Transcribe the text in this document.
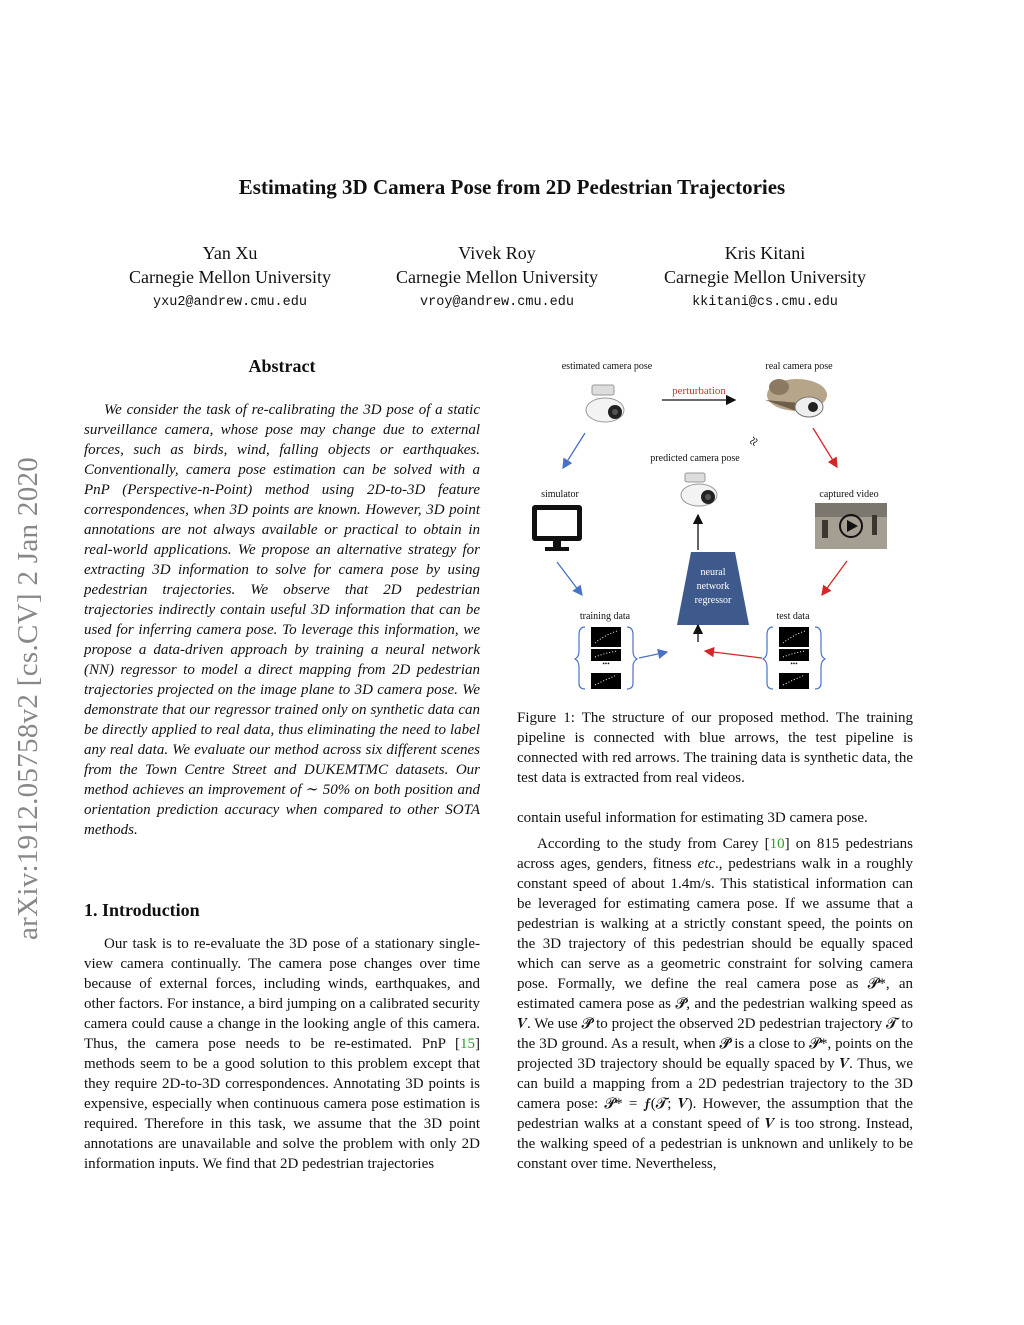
Estimating 3D Camera Pose from 2D Pedestrian Trajectories
Yan Xu
Carnegie Mellon University
yxu2@andrew.cmu.edu
Vivek Roy
Carnegie Mellon University
vroy@andrew.cmu.edu
Kris Kitani
Carnegie Mellon University
kkitani@cs.cmu.edu
arXiv:1912.05758v2 [cs.CV] 2 Jan 2020
Abstract
We consider the task of re-calibrating the 3D pose of a static surveillance camera, whose pose may change due to external forces, such as birds, wind, falling objects or earthquakes. Conventionally, camera pose estimation can be solved with a PnP (Perspective-n-Point) method using 2D-to-3D feature correspondences, when 3D points are known. However, 3D point annotations are not always available or practical to obtain in real-world applications. We propose an alternative strategy for extracting 3D information to solve for camera pose by using pedestrian trajectories. We observe that 2D pedestrian trajectories indirectly contain useful 3D information that can be used for inferring camera pose. To leverage this information, we propose a data-driven approach by training a neural network (NN) regressor to model a direct mapping from 2D pedestrian trajectories projected on the image plane to 3D camera pose. We demonstrate that our regressor trained only on synthetic data can be directly applied to real data, thus eliminating the need to label any real data. We evaluate our method across six different scenes from the Town Centre Street and DUKEMTMC datasets. Our method achieves an improvement of ∼ 50% on both position and orientation prediction accuracy when compared to other SOTA methods.
1. Introduction
Our task is to re-evaluate the 3D pose of a stationary single-view camera continually. The camera pose changes over time because of external forces, including winds, earthquakes, and other factors. For instance, a bird jumping on a calibrated security camera could cause a change in the looking angle of this camera. Thus, the camera pose needs to be re-estimated. PnP [15] methods seem to be a good solution to this problem except that they require 2D-to-3D correspondences. Annotating 3D points is expensive, especially when continuous camera pose estimation is required. Therefore in this task, we assume that the 3D point annotations are unavailable and solve the problem with only 2D information inputs. We find that 2D pedestrian trajectories
estimated camera pose	real camera pose
perturbation
≈
predicted camera pose
simulator	captured video
neural
network
regressor
training data	test data
•••	•••
Figure 1: The structure of our proposed method. The training pipeline is connected with blue arrows, the test pipeline is connected with red arrows. The training data is synthetic data, the test data is extracted from real videos.
contain useful information for estimating 3D camera pose.
According to the study from Carey [10] on 815 pedestrians across ages, genders, fitness etc., pedestrians walk in a roughly constant speed of about 1.4m/s. This statistical information can be leveraged for estimating camera pose. If we assume that a pedestrian is walking at a strictly constant speed, the points on the 3D trajectory of this pedestrian should be equally spaced which can serve as a geometric constraint for solving camera pose. Formally, we define the real camera pose as 𝓟*, an estimated camera pose as 𝓟̃, and the pedestrian walking speed as 𝑽. We use 𝓟̃ to project the observed 2D pedestrian trajectory 𝓣 to the 3D ground. As a result, when 𝓟̃ is a close to 𝓟*, points on the projected 3D trajectory should be equally spaced by 𝑽. Thus, we can build a mapping from a 2D pedestrian trajectory to the 3D camera pose: 𝓟* = 𝒇(𝓣; 𝑽). However, the assumption that the pedestrian walks at a constant speed of 𝑽 is too strong. Instead, the walking speed of a pedestrian is unknown and unlikely to be constant over time. Nevertheless,
